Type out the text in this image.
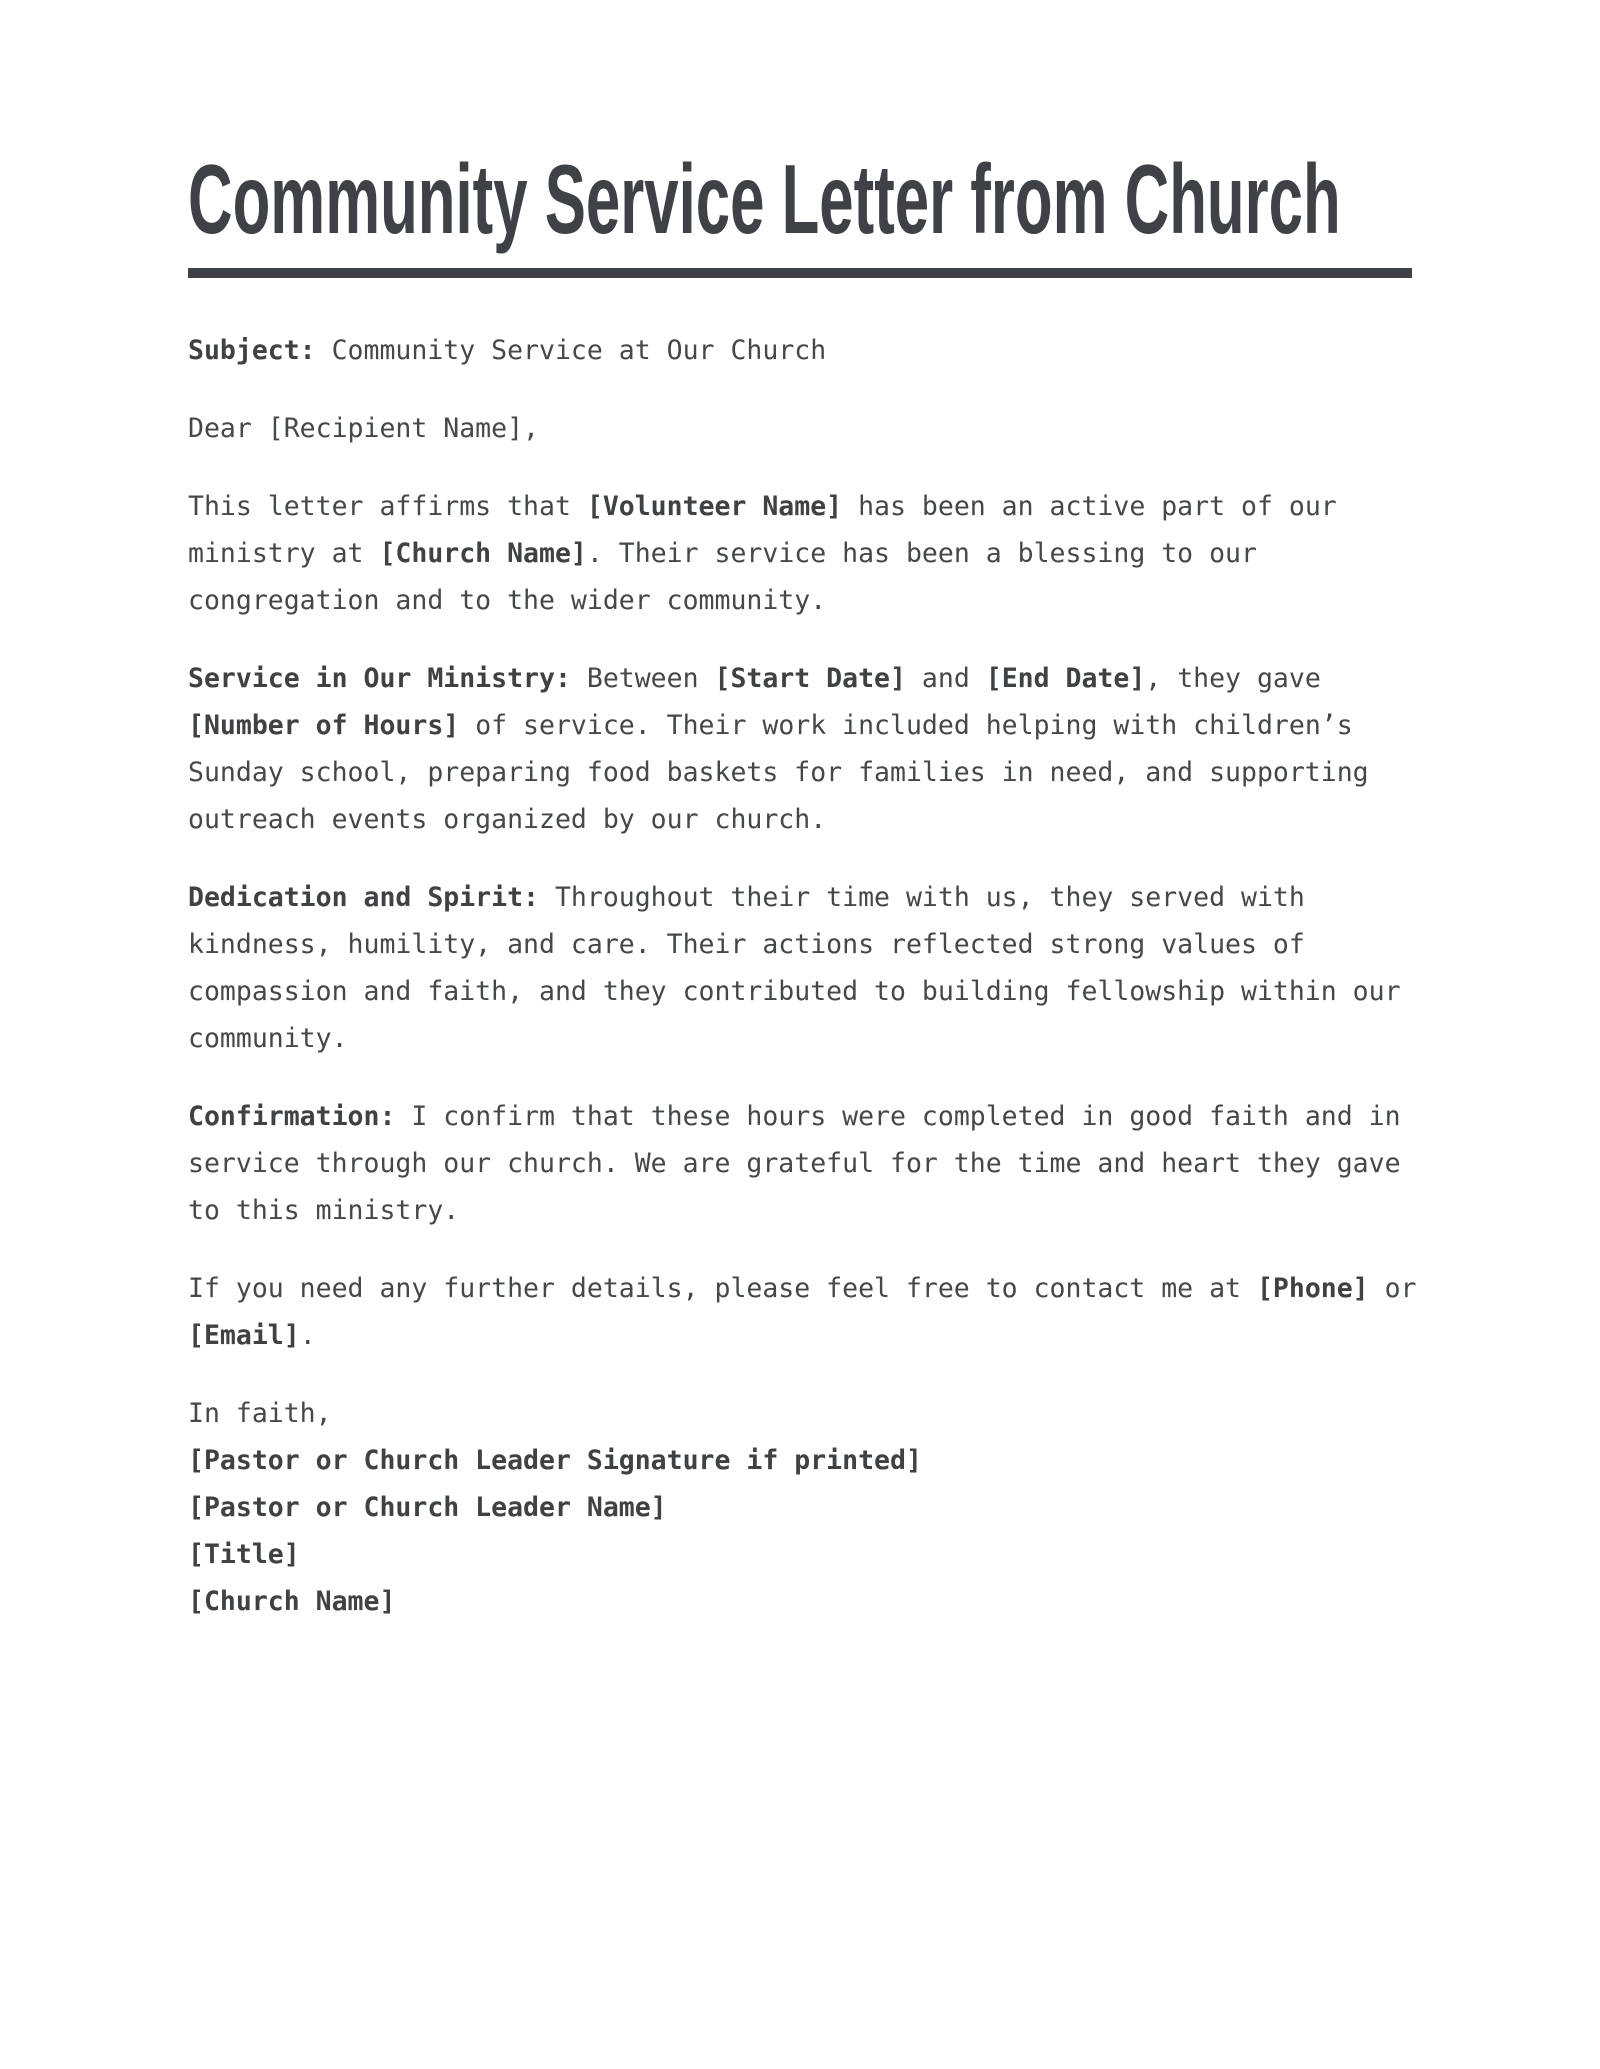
Community Service Letter from Church
Subject: Community Service at Our Church
Dear [Recipient Name],
This letter affirms that [Volunteer Name] has been an active part of our
ministry at [Church Name]. Their service has been a blessing to our
congregation and to the wider community.
Service in Our Ministry: Between [Start Date] and [End Date], they gave
[Number of Hours] of service. Their work included helping with children’s
Sunday school, preparing food baskets for families in need, and supporting
outreach events organized by our church.
Dedication and Spirit: Throughout their time with us, they served with
kindness, humility, and care. Their actions reflected strong values of
compassion and faith, and they contributed to building fellowship within our
community.
Confirmation: I confirm that these hours were completed in good faith and in
service through our church. We are grateful for the time and heart they gave
to this ministry.
If you need any further details, please feel free to contact me at [Phone] or
[Email].
In faith,
[Pastor or Church Leader Signature if printed]
[Pastor or Church Leader Name]
[Title]
[Church Name]
